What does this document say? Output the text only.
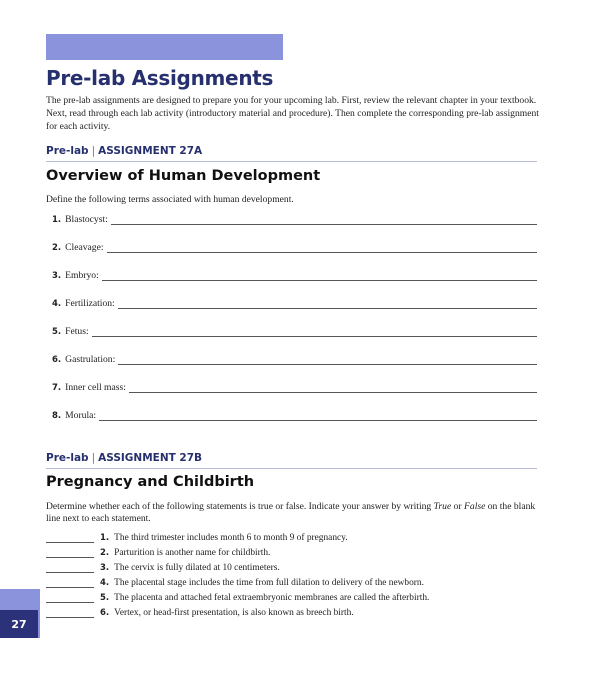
Pre-lab Assignments
The pre-lab assignments are designed to prepare you for your upcoming lab. First, review the relevant chapter in your textbook. Next, read through each lab activity (introductory material and procedure). Then complete the corresponding pre-lab assignment for each activity.
Pre-lab | ASSIGNMENT 27A
Overview of Human Development
Define the following terms associated with human development.
1. Blastocyst:
2. Cleavage:
3. Embryo:
4. Fertilization:
5. Fetus:
6. Gastrulation:
7. Inner cell mass:
8. Morula:
Pre-lab | ASSIGNMENT 27B
Pregnancy and Childbirth
Determine whether each of the following statements is true or false. Indicate your answer by writing True or False on the blank line next to each statement.
1. The third trimester includes month 6 to month 9 of pregnancy.
2. Parturition is another name for childbirth.
3. The cervix is fully dilated at 10 centimeters.
4. The placental stage includes the time from full dilation to delivery of the newborn.
5. The placenta and attached fetal extraembryonic membranes are called the afterbirth.
6. Vertex, or head-first presentation, is also known as breech birth.
27
